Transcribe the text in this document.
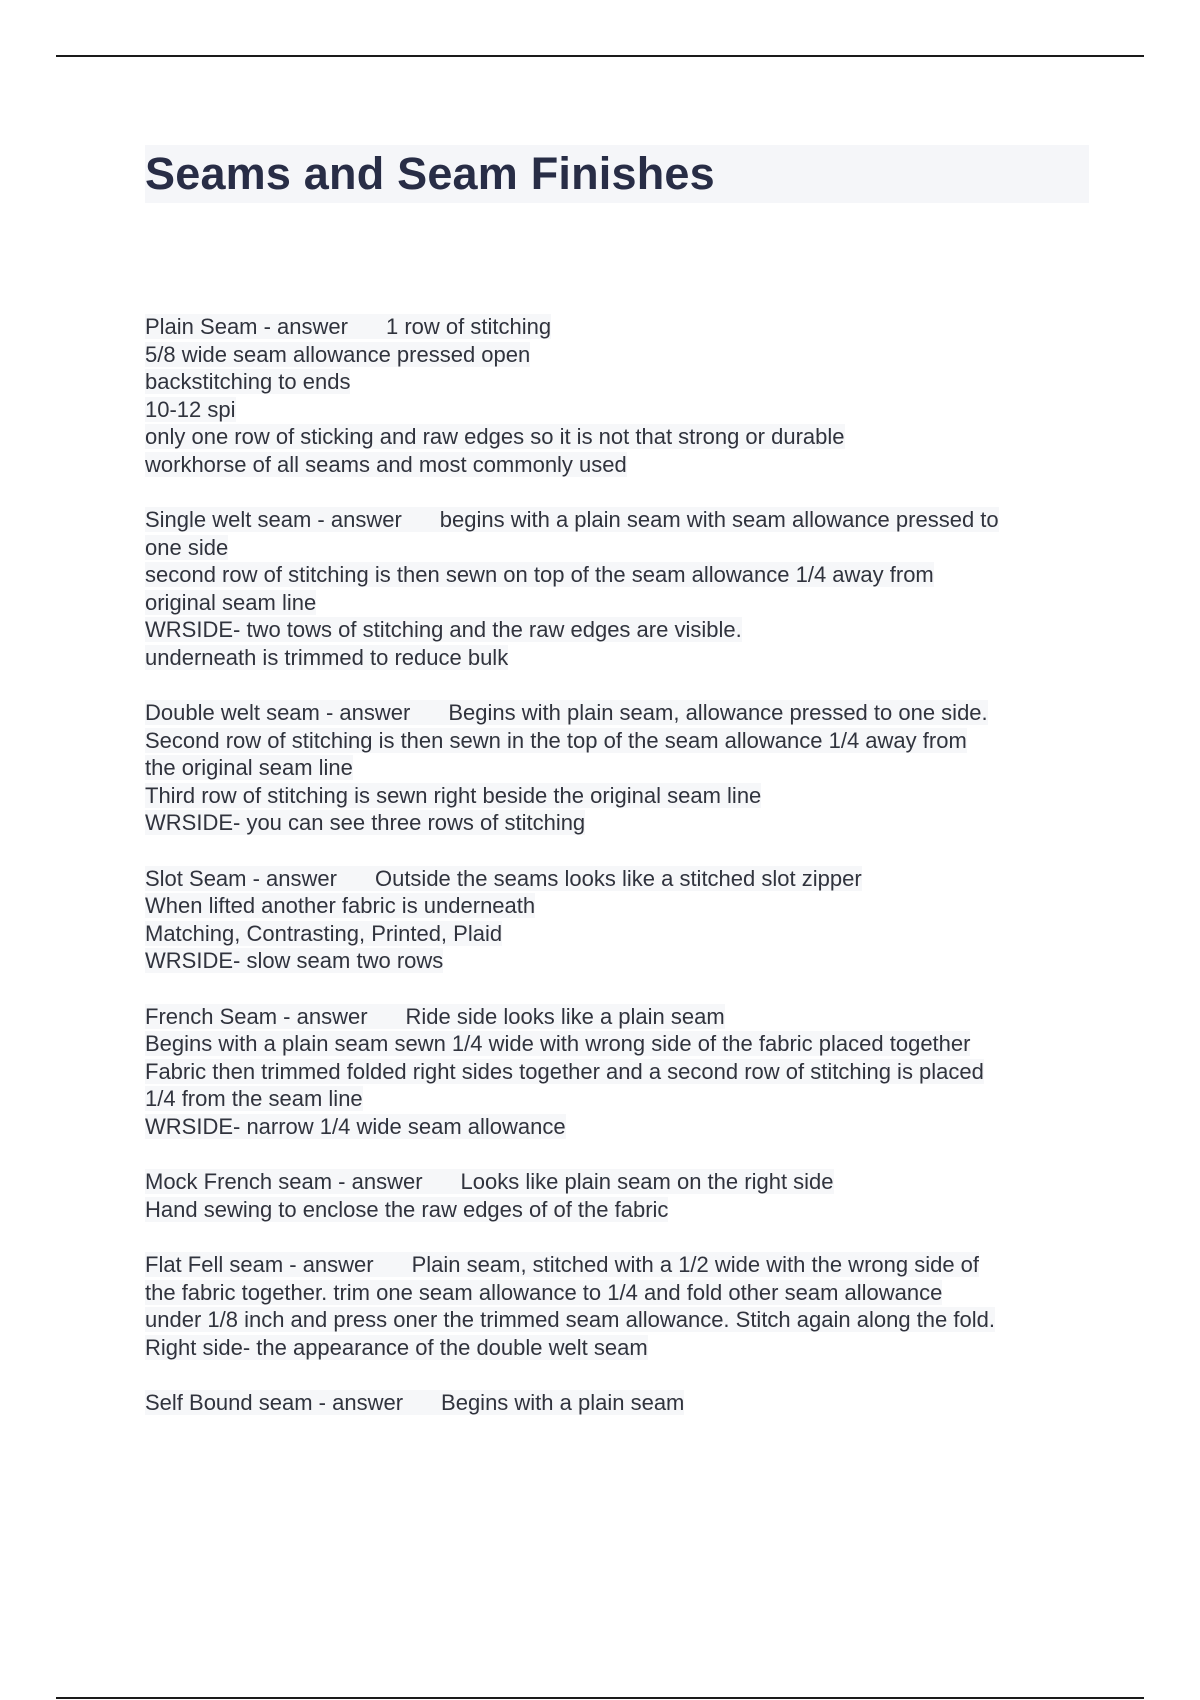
Seams and Seam Finishes
Plain Seam - answer 1 row of stitching
5/8 wide seam allowance pressed open
backstitching to ends
10-12 spi
only one row of sticking and raw edges so it is not that strong or durable
workhorse of all seams and most commonly used
Single welt seam - answer begins with a plain seam with seam allowance pressed to
one side
second row of stitching is then sewn on top of the seam allowance 1/4 away from
original seam line
WRSIDE- two tows of stitching and the raw edges are visible.
underneath is trimmed to reduce bulk
Double welt seam - answer Begins with plain seam, allowance pressed to one side.
Second row of stitching is then sewn in the top of the seam allowance 1/4 away from
the original seam line
Third row of stitching is sewn right beside the original seam line
WRSIDE- you can see three rows of stitching
Slot Seam - answer Outside the seams looks like a stitched slot zipper
When lifted another fabric is underneath
Matching, Contrasting, Printed, Plaid
WRSIDE- slow seam two rows
French Seam - answer Ride side looks like a plain seam
Begins with a plain seam sewn 1/4 wide with wrong side of the fabric placed together
Fabric then trimmed folded right sides together and a second row of stitching is placed
1/4 from the seam line
WRSIDE- narrow 1/4 wide seam allowance
Mock French seam - answer Looks like plain seam on the right side
Hand sewing to enclose the raw edges of of the fabric
Flat Fell seam - answer Plain seam, stitched with a 1/2 wide with the wrong side of
the fabric together. trim one seam allowance to 1/4 and fold other seam allowance
under 1/8 inch and press oner the trimmed seam allowance. Stitch again along the fold.
Right side- the appearance of the double welt seam
Self Bound seam - answer Begins with a plain seam
